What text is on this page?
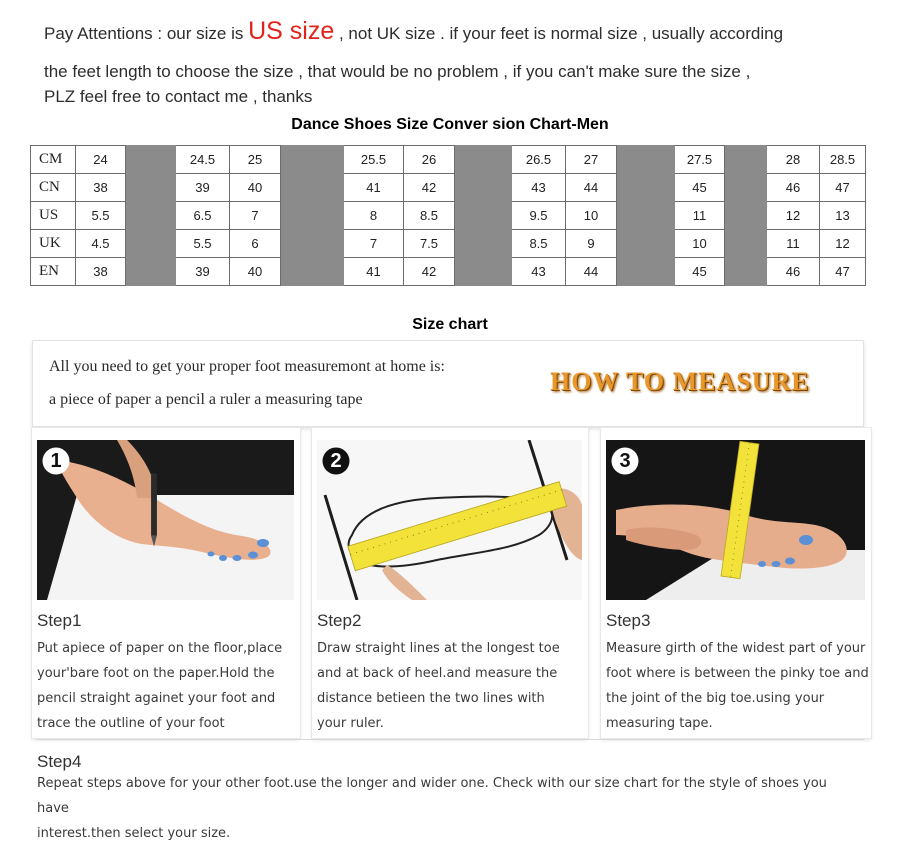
Pay Attentions : our size is US size , not UK size . if your feet is normal size , usually according
the feet length to choose the size , that would be no problem , if you can't make sure the size ,
PLZ feel free to contact me , thanks
Dance Shoes Size Conver sion Chart-Men
CM	24		24.5	25		25.5	26		26.5	27		27.5		28	28.5
CN	38		39	40		41	42		43	44		45		46	47
US	5.5		6.5	7		8	8.5		9.5	10		11		12	13
UK	4.5		5.5	6		7	7.5		8.5	9		10		11	12
EN	38		39	40		41	42		43	44		45		46	47
Size chart
All you need to get your proper foot measuremont at home is:
a piece of paper a pencil a ruler a measuring tape
HOW TO MEASURE
1
Step1
Put apiece of paper on the floor,place
your'bare foot on the paper.Hold the
pencil straight againet your foot and
trace the outline of your foot
2
Step2
Draw straight lines at the longest toe
and at back of heel.and measure the
distance betieen the two lines with
your ruler.
3
Step3
Measure girth of the widest part of your
foot where is between the pinky toe and
the joint of the big toe.using your
measuring tape.
Step4
Repeat steps above for your other foot.use the longer and wider one. Check with our size chart for the style of shoes you have
interest.then select your size.
